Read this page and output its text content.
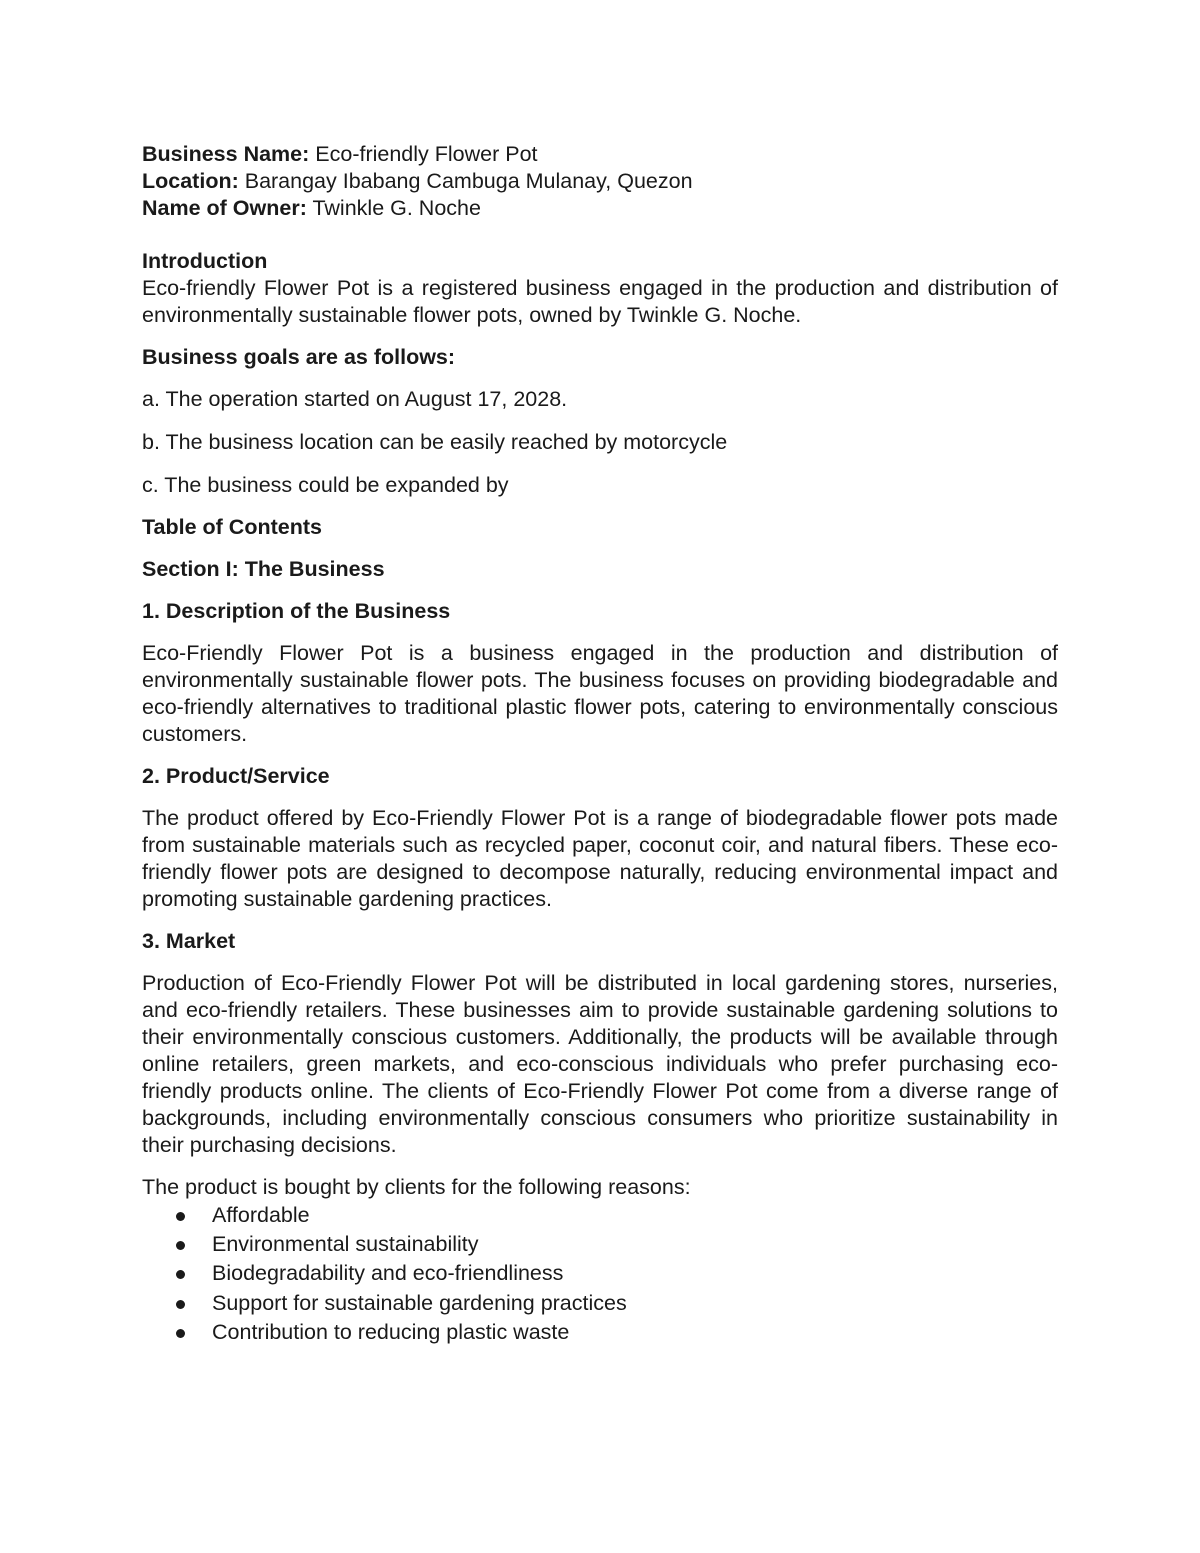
Business Name: Eco-friendly Flower Pot

Location: Barangay Ibabang Cambuga Mulanay, Quezon

Name of Owner: Twinkle G. Noche

Introduction

Eco-friendly Flower Pot is a registered business engaged in the production and distribution of environmentally sustainable flower pots, owned by Twinkle G. Noche.

Business goals are as follows:

a. The operation started on August 17, 2028.

b. The business location can be easily reached by motorcycle

c. The business could be expanded by

Table of Contents

Section I: The Business

1. Description of the Business

Eco-Friendly Flower Pot is a business engaged in the production and distribution of environmentally sustainable flower pots. The business focuses on providing biodegradable and eco-friendly alternatives to traditional plastic flower pots, catering to environmentally conscious customers.

2. Product/Service

The product offered by Eco-Friendly Flower Pot is a range of biodegradable flower pots made from sustainable materials such as recycled paper, coconut coir, and natural fibers. These eco-friendly flower pots are designed to decompose naturally, reducing environmental impact and promoting sustainable gardening practices.

3. Market

Production of Eco-Friendly Flower Pot will be distributed in local gardening stores, nurseries, and eco-friendly retailers. These businesses aim to provide sustainable gardening solutions to their environmentally conscious customers. Additionally, the products will be available through online retailers, green markets, and eco-conscious individuals who prefer purchasing eco-friendly products online. The clients of Eco-Friendly Flower Pot come from a diverse range of backgrounds, including environmentally conscious consumers who prioritize sustainability in their purchasing decisions.

The product is bought by clients for the following reasons:

Affordable
Environmental sustainability
Biodegradability and eco-friendliness
Support for sustainable gardening practices
Contribution to reducing plastic waste
